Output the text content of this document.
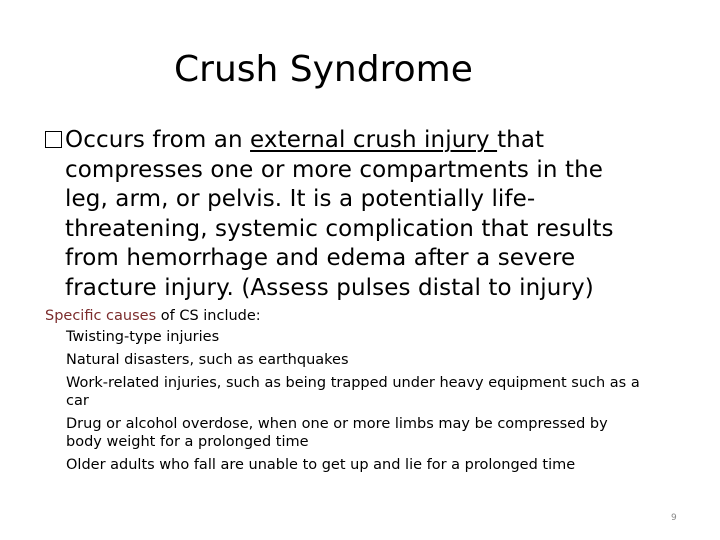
Crush Syndrome
Occurs from an external crush injury that
compresses one or more compartments in the
leg, arm, or pelvis. It is a potentially life-
threatening, systemic complication that results
from hemorrhage and edema after a severe
fracture injury. (Assess pulses distal to injury)
Specific causes of CS include:
Twisting-type injuries
Natural disasters, such as earthquakes
Work-related injuries, such as being trapped under heavy equipment such as a
car
Drug or alcohol overdose, when one or more limbs may be compressed by
body weight for a prolonged time
Older adults who fall are unable to get up and lie for a prolonged time
9
